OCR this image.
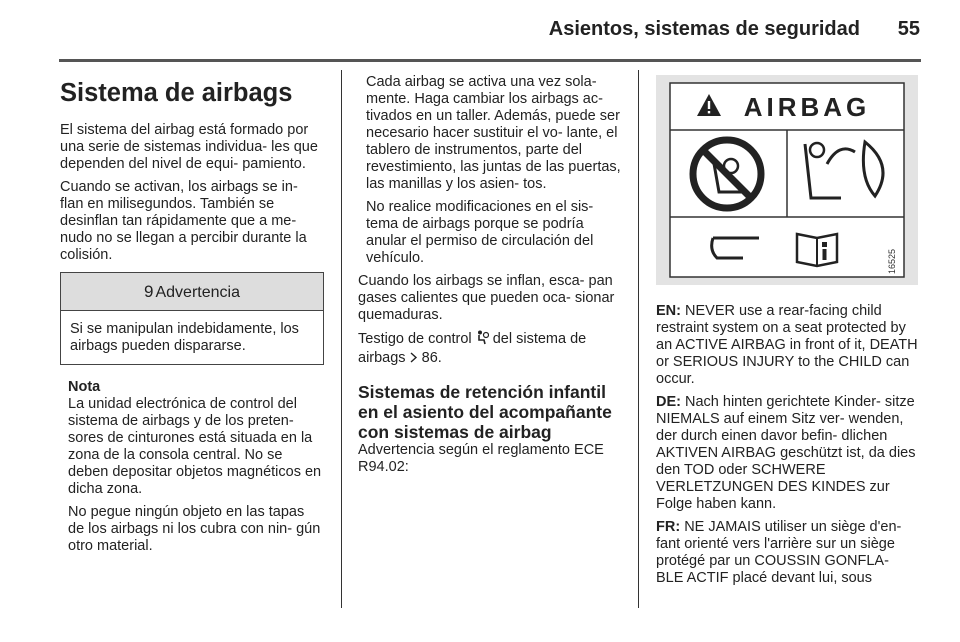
Asientos, sistemas de seguridad	55
Sistema de airbags

El sistema del airbag está formado por una serie de sistemas individua- les que dependen del nivel de equi- pamiento.

Cuando se activan, los airbags se in- flan en milisegundos. También se desinflan tan rápidamente que a me- nudo no se llegan a percibir durante la colisión.

9 Advertencia
Si se manipulan indebidamente, los airbags pueden dispararse.
Nota

La unidad electrónica de control del sistema de airbags y de los preten- sores de cinturones está situada en la zona de la consola central. No se deben depositar objetos magnéticos en dicha zona.

No pegue ningún objeto en las tapas de los airbags ni los cubra con nin- gún otro material.

Cada airbag se activa una vez sola- mente. Haga cambiar los airbags ac- tivados en un taller. Además, puede ser necesario hacer sustituir el vo- lante, el tablero de instrumentos, parte del revestimiento, las juntas de las puertas, las manillas y los asien- tos.

No realice modificaciones en el sis- tema de airbags porque se podría anular el permiso de circulación del vehículo.

Cuando los airbags se inflan, esca- pan gases calientes que pueden oca- sionar quemaduras.

Testigo de control del sistema de airbags 86.

Sistemas de retención infantil en el asiento del acompañante con sistemas de airbag

Advertencia según el reglamento ECE R94.02:

AIRBAG
16525

EN: NEVER use a rear-facing child restraint system on a seat protected by an ACTIVE AIRBAG in front of it, DEATH or SERIOUS INJURY to the CHILD can occur.

DE: Nach hinten gerichtete Kinder- sitze NIEMALS auf einem Sitz ver- wenden, der durch einen davor befin- dlichen AKTIVEN AIRBAG geschützt ist, da dies den TOD oder SCHWERE VERLETZUNGEN DES KINDES zur Folge haben kann.

FR: NE JAMAIS utiliser un siège d'en- fant orienté vers l'arrière sur un siège protégé par un COUSSIN GONFLA- BLE ACTIF placé devant lui, sous
